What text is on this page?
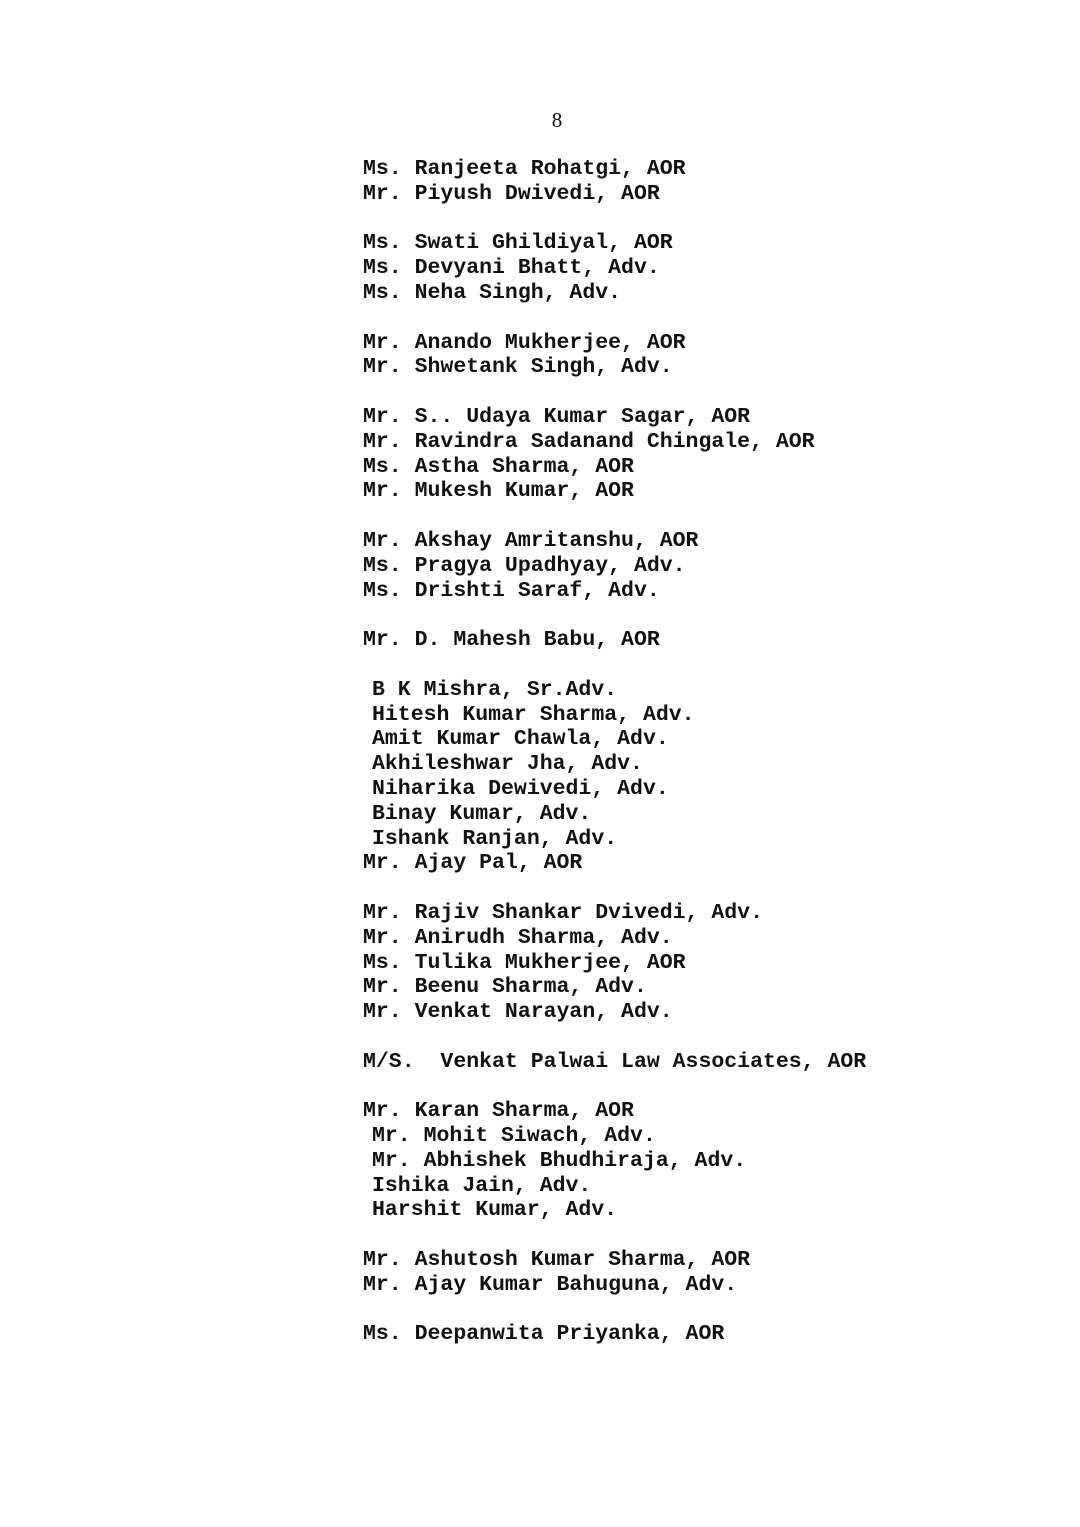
8
Ms. Ranjeeta Rohatgi, AOR
Mr. Piyush Dwivedi, AOR
Ms. Swati Ghildiyal, AOR
Ms. Devyani Bhatt, Adv.
Ms. Neha Singh, Adv.
Mr. Anando Mukherjee, AOR
Mr. Shwetank Singh, Adv.
Mr. S.. Udaya Kumar Sagar, AOR
Mr. Ravindra Sadanand Chingale, AOR
Ms. Astha Sharma, AOR
Mr. Mukesh Kumar, AOR
Mr. Akshay Amritanshu, AOR
Ms. Pragya Upadhyay, Adv.
Ms. Drishti Saraf, Adv.
Mr. D. Mahesh Babu, AOR
B K Mishra, Sr.Adv.
Hitesh Kumar Sharma, Adv.
Amit Kumar Chawla, Adv.
Akhileshwar Jha, Adv.
Niharika Dewivedi, Adv.
Binay Kumar, Adv.
Ishank Ranjan, Adv.
Mr. Ajay Pal, AOR
Mr. Rajiv Shankar Dvivedi, Adv.
Mr. Anirudh Sharma, Adv.
Ms. Tulika Mukherjee, AOR
Mr. Beenu Sharma, Adv.
Mr. Venkat Narayan, Adv.
M/S.  Venkat Palwai Law Associates, AOR
Mr. Karan Sharma, AOR
Mr. Mohit Siwach, Adv.
Mr. Abhishek Bhudhiraja, Adv.
Ishika Jain, Adv.
Harshit Kumar, Adv.
Mr. Ashutosh Kumar Sharma, AOR
Mr. Ajay Kumar Bahuguna, Adv.
Ms. Deepanwita Priyanka, AOR
